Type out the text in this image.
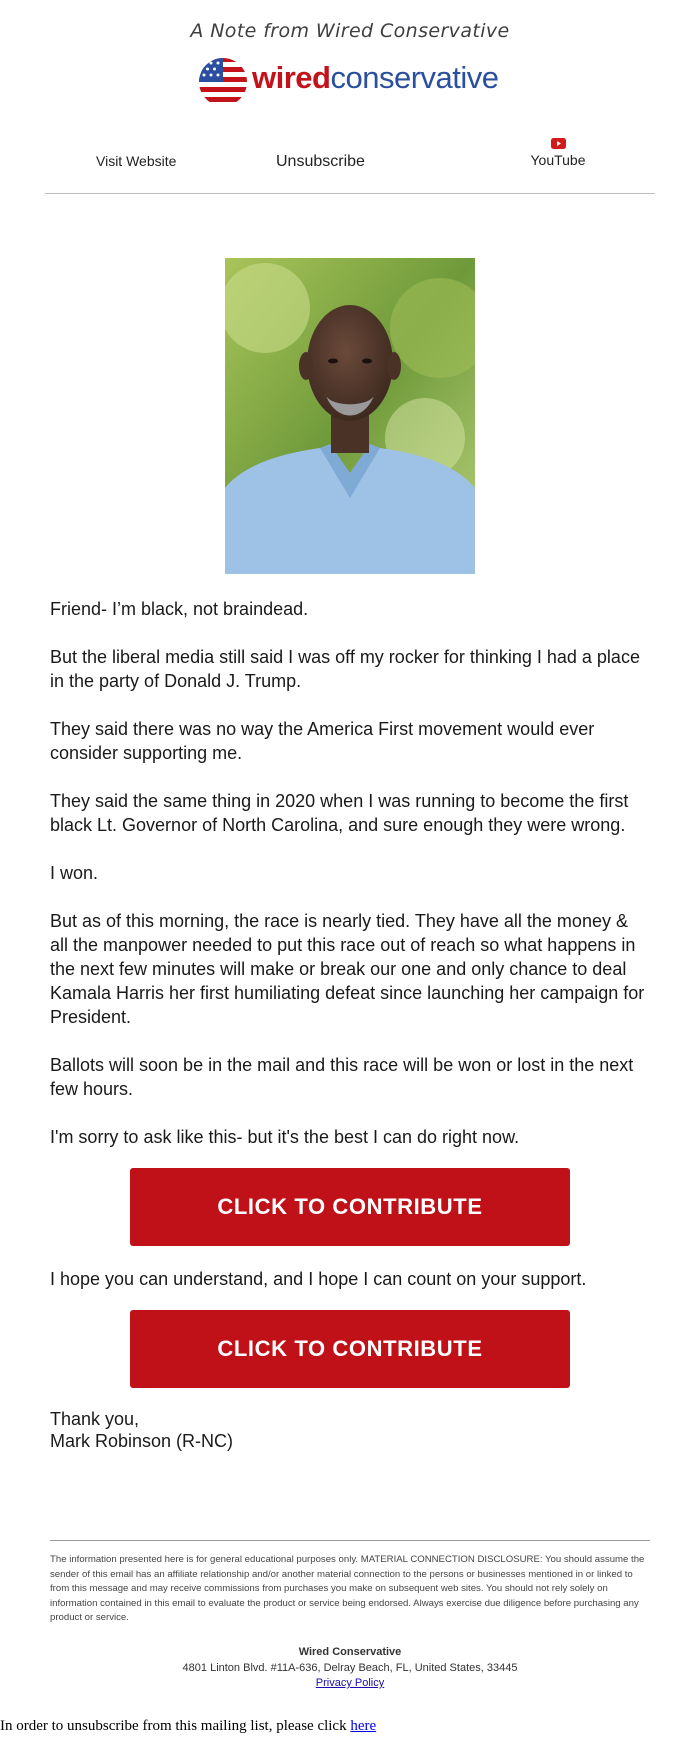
A Note from Wired Conservative
wiredconservative
Visit Website	Unsubscribe	YouTube

Friend- I’m black, not braindead.

But the liberal media still said I was off my rocker for thinking I had a place in the party of Donald J. Trump.

They said there was no way the America First movement would ever consider supporting me.

They said the same thing in 2020 when I was running to become the first black Lt. Governor of North Carolina, and sure enough they were wrong.

I won.

But as of this morning, the race is nearly tied. They have all the money & all the manpower needed to put this race out of reach so what happens in the next few minutes will make or break our one and only chance to deal Kamala Harris her first humiliating defeat since launching her campaign for President.

Ballots will soon be in the mail and this race will be won or lost in the next few hours.

I'm sorry to ask like this- but it's the best I can do right now.

CLICK TO CONTRIBUTE

I hope you can understand, and I hope I can count on your support.

CLICK TO CONTRIBUTE
Thank you,
Mark Robinson (R-NC)

The information presented here is for general educational purposes only. MATERIAL CONNECTION DISCLOSURE: You should assume the sender of this email has an affiliate relationship and/or another material connection to the persons or businesses mentioned in or linked to from this message and may receive commissions from purchases you make on subsequent web sites. You should not rely solely on information contained in this email to evaluate the product or service being endorsed. Always exercise due diligence before purchasing any product or service.

Wired Conservative
4801 Linton Blvd. #11A-636, Delray Beach, FL, United States, 33445
Privacy Policy
In order to unsubscribe from this mailing list, please click here
